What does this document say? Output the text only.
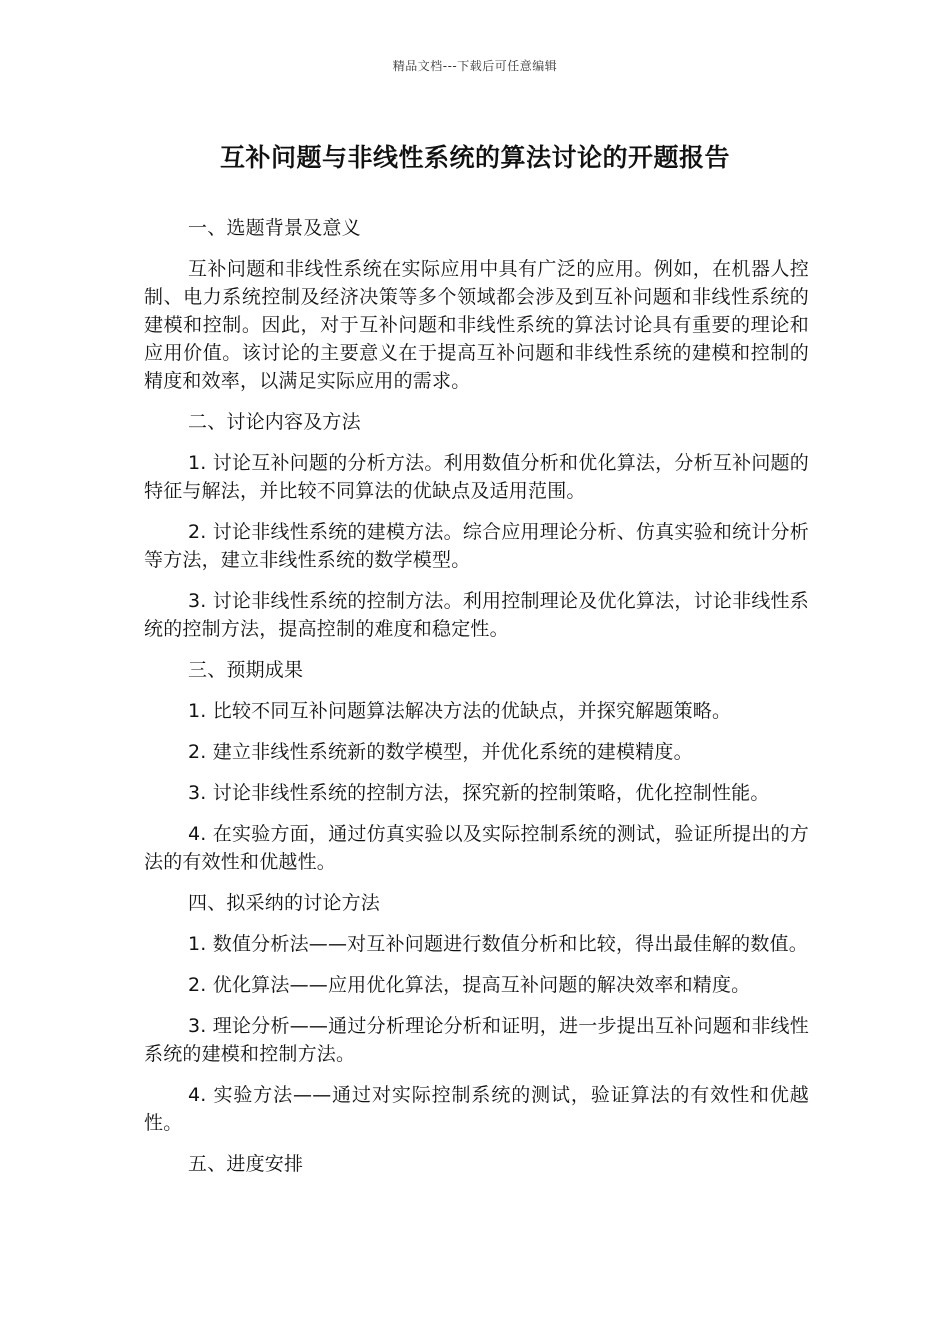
精品文档---下载后可任意编辑
互补问题与非线性系统的算法讨论的开题报告

一、选题背景及意义

互补问题和非线性系统在实际应用中具有广泛的应用。例如，在机器人控制、电力系统控制及经济决策等多个领域都会涉及到互补问题和非线性系统的建模和控制。因此，对于互补问题和非线性系统的算法讨论具有重要的理论和应用价值。该讨论的主要意义在于提高互补问题和非线性系统的建模和控制的精度和效率，以满足实际应用的需求。

二、讨论内容及方法

1. 讨论互补问题的分析方法。利用数值分析和优化算法，分析互补问题的特征与解法，并比较不同算法的优缺点及适用范围。

2. 讨论非线性系统的建模方法。综合应用理论分析、仿真实验和统计分析等方法，建立非线性系统的数学模型。

3. 讨论非线性系统的控制方法。利用控制理论及优化算法，讨论非线性系统的控制方法，提高控制的难度和稳定性。

三、预期成果

1. 比较不同互补问题算法解决方法的优缺点，并探究解题策略。

2. 建立非线性系统新的数学模型，并优化系统的建模精度。

3. 讨论非线性系统的控制方法，探究新的控制策略，优化控制性能。

4. 在实验方面，通过仿真实验以及实际控制系统的测试，验证所提出的方法的有效性和优越性。

四、拟采纳的讨论方法

1. 数值分析法——对互补问题进行数值分析和比较，得出最佳解的数值。

2. 优化算法——应用优化算法，提高互补问题的解决效率和精度。

3. 理论分析——通过分析理论分析和证明，进一步提出互补问题和非线性系统的建模和控制方法。

4. 实验方法——通过对实际控制系统的测试，验证算法的有效性和优越性。

五、进度安排
